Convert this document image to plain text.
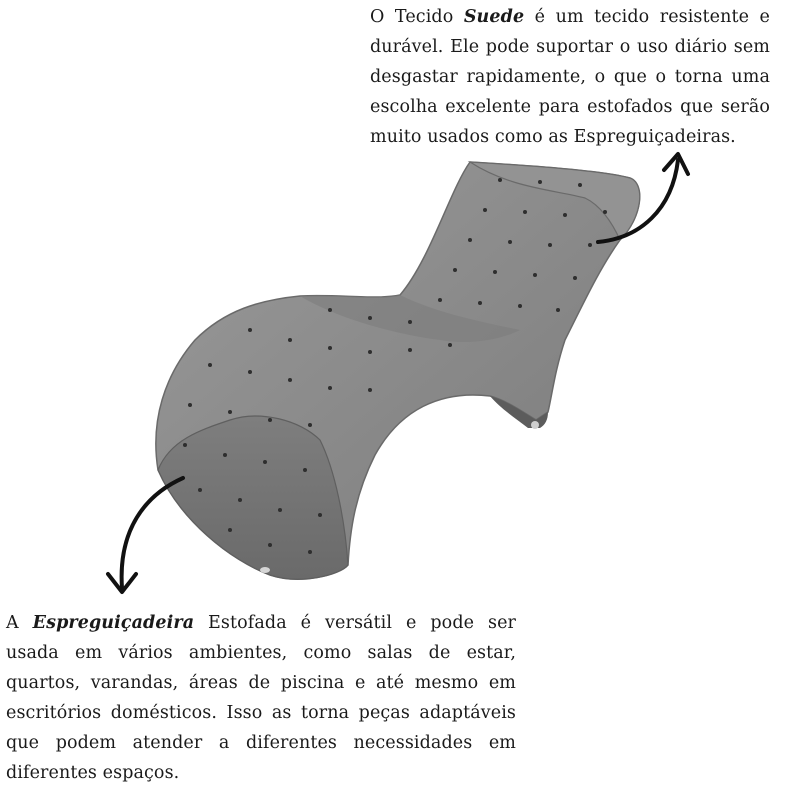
O Tecido Suede é um tecido resistente e durável. Ele pode suportar o uso diário sem desgastar rapidamente, o que o torna uma escolha excelente para estofados que serão muito usados como as Espreguiçadeiras.

A Espreguiçadeira Estofada é versátil e pode ser usada em vários ambientes, como salas de estar, quartos, varandas, áreas de piscina e até mesmo em escritórios domésticos. Isso as torna peças adaptáveis que podem atender a diferentes necessidades em diferentes espaços.
